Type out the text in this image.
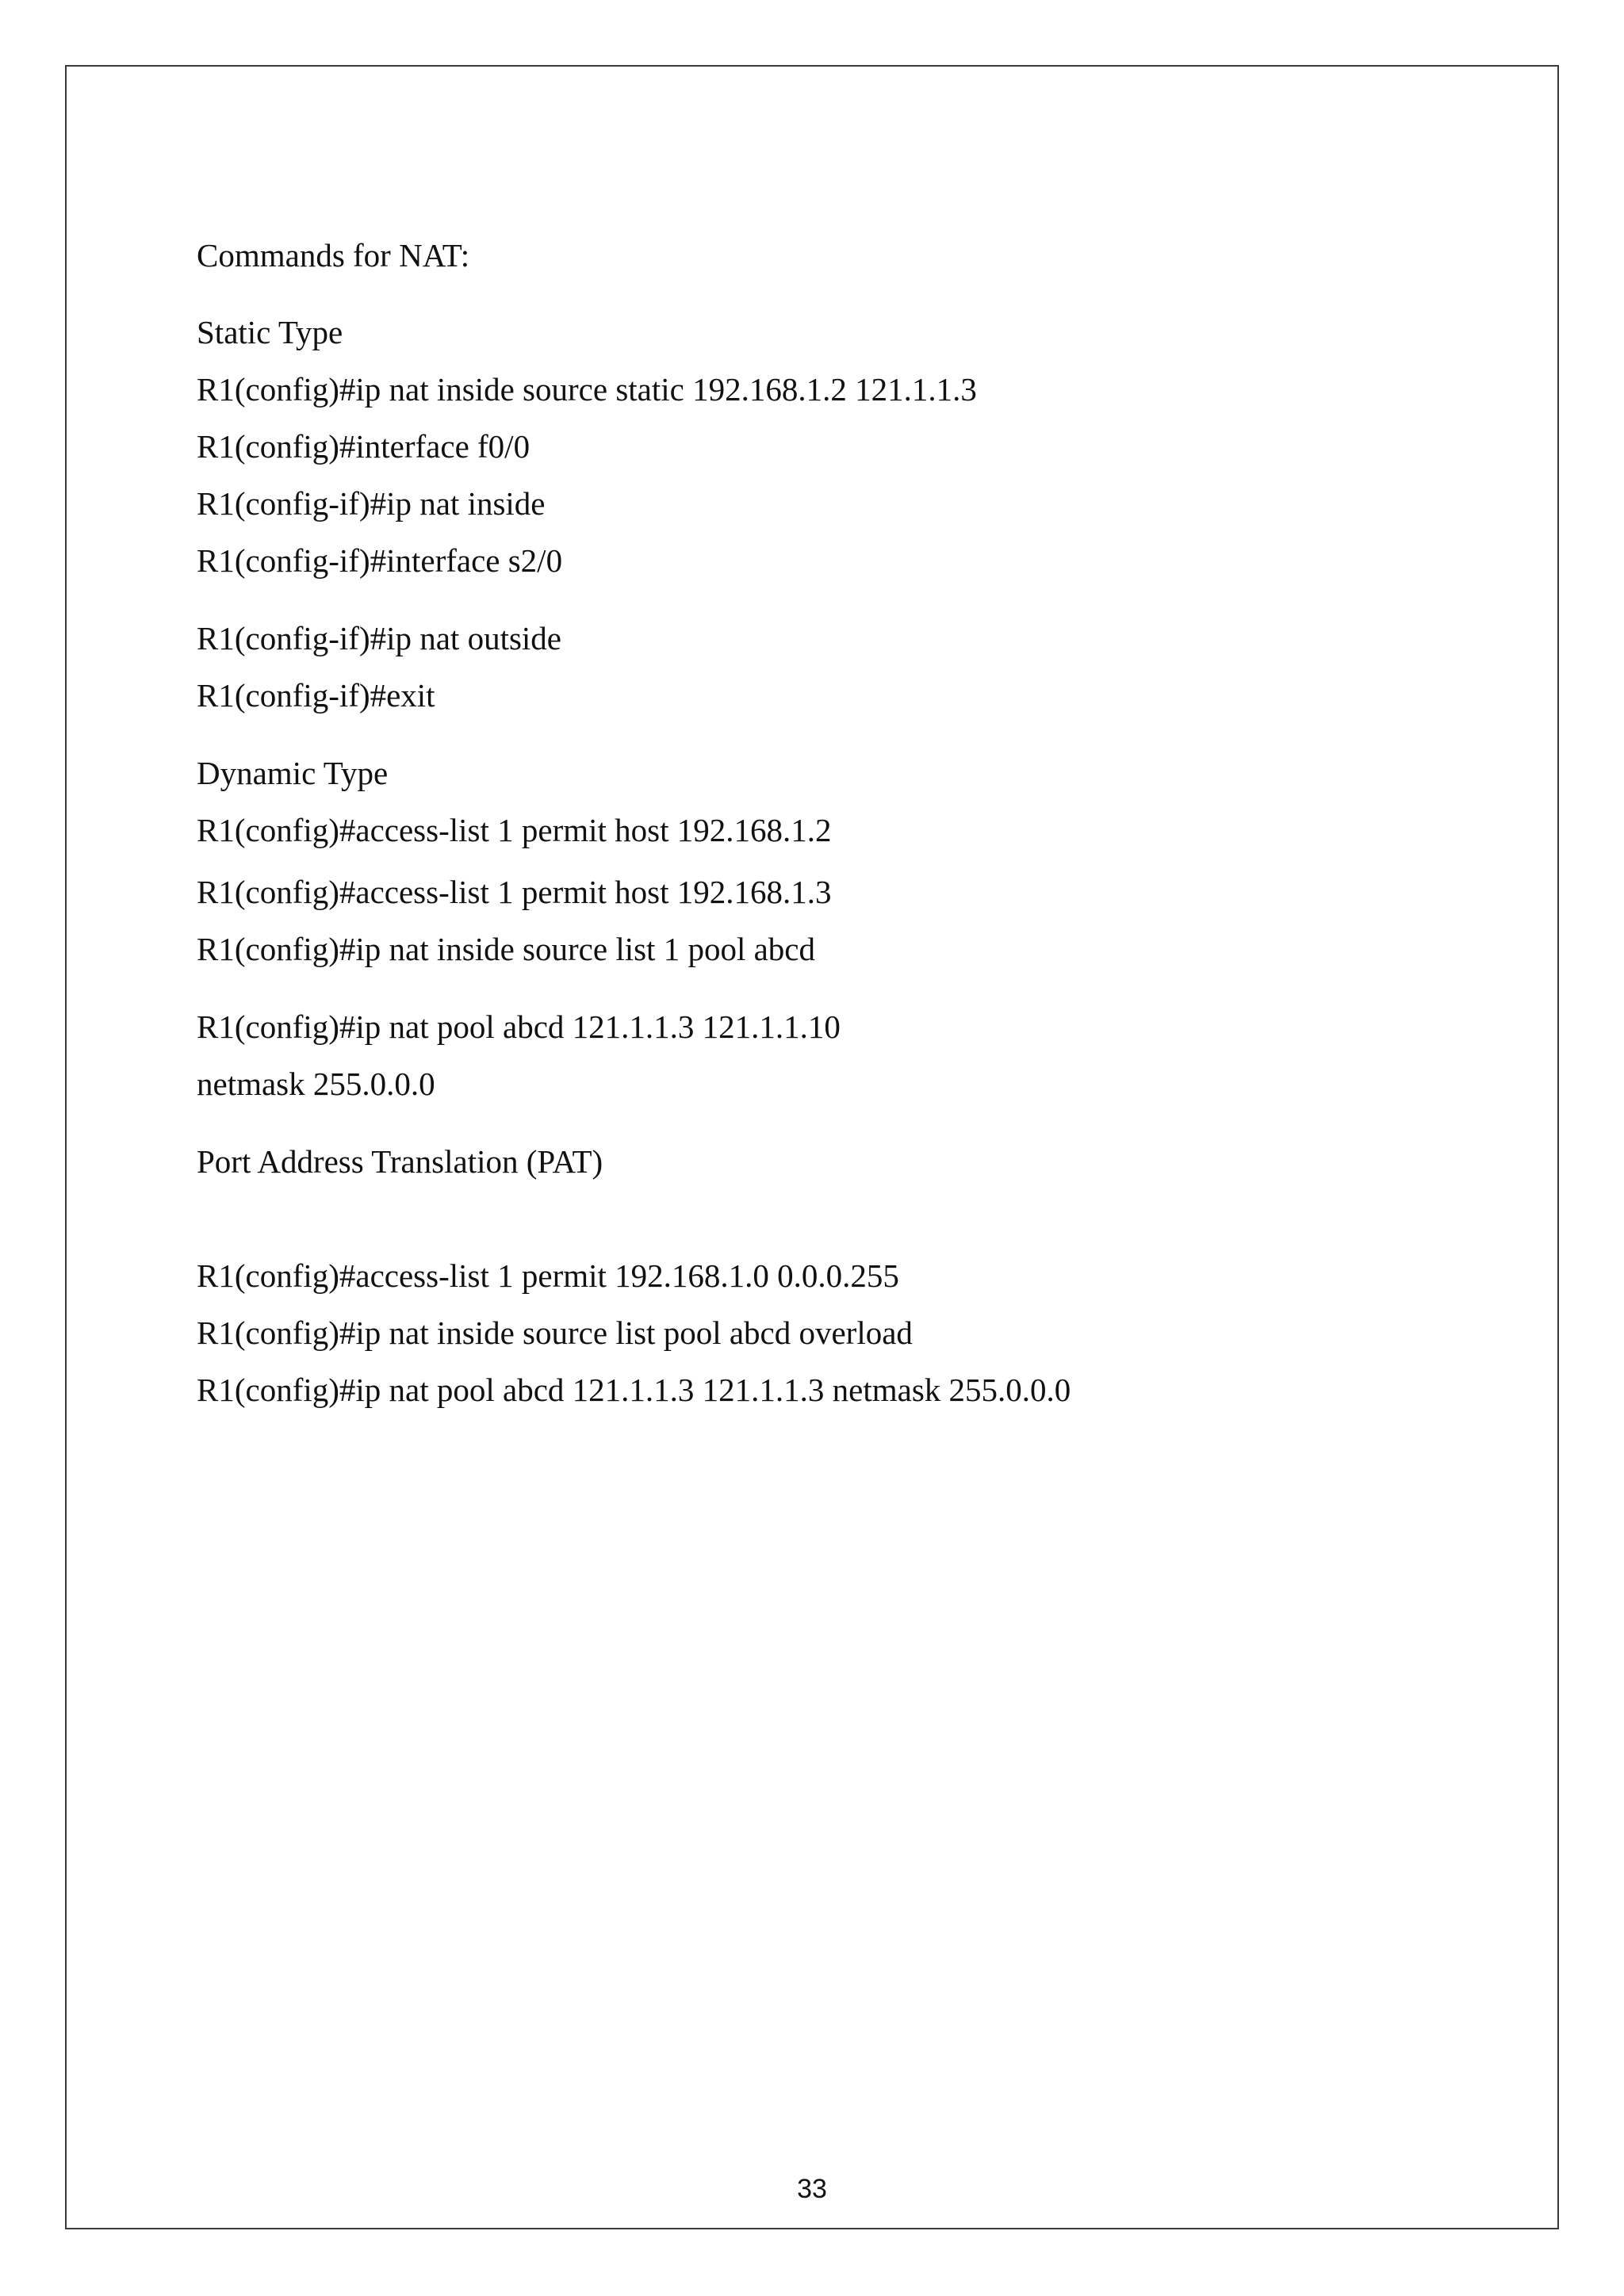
Commands for NAT:

Static Type

R1(config)#ip nat inside source static 192.168.1.2 121.1.1.3

R1(config)#interface f0/0

R1(config-if)#ip nat inside

R1(config-if)#interface s2/0

R1(config-if)#ip nat outside

R1(config-if)#exit

Dynamic Type

R1(config)#access-list 1 permit host 192.168.1.2

R1(config)#access-list 1 permit host 192.168.1.3

R1(config)#ip nat inside source list 1 pool abcd

R1(config)#ip nat pool abcd 121.1.1.3 121.1.1.10

netmask 255.0.0.0

Port Address Translation (PAT)

R1(config)#access-list 1 permit 192.168.1.0 0.0.0.255

R1(config)#ip nat inside source list pool abcd overload

R1(config)#ip nat pool abcd 121.1.1.3 121.1.1.3 netmask 255.0.0.0

33
